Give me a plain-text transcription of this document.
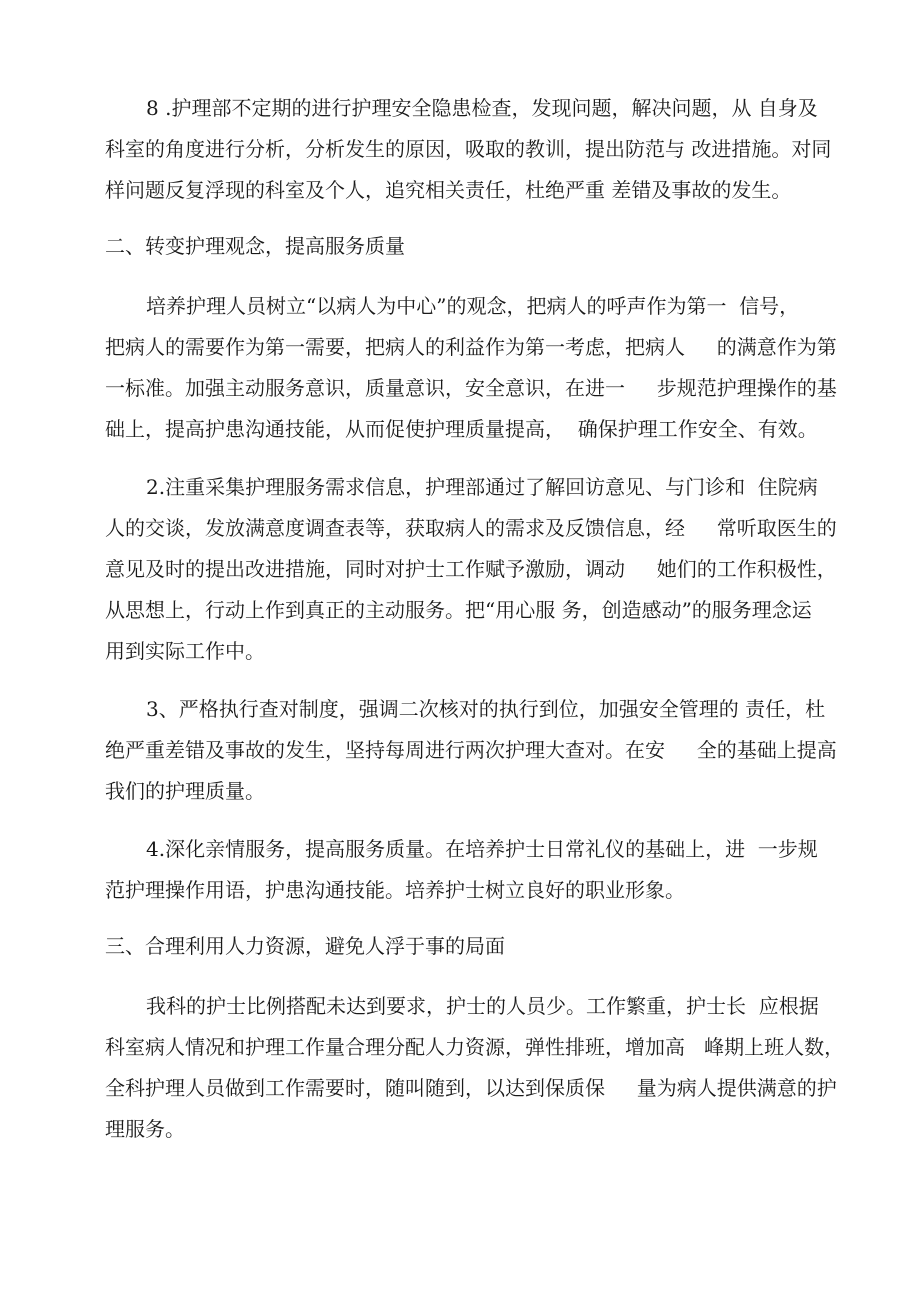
8 .护理部不定期的进行护理安全隐患检查，发现问题，解决问题，从 自身及

科室的角度进行分析，分析发生的原因，吸取的教训，提出防范与 改进措施。对同

样问题反复浮现的科室及个人，追究相关责任，杜绝严重 差错及事故的发生。

二、转变护理观念，提高服务质量

培养护理人员树立“以病人为中心”的观念，把病人的呼声作为第一  信号，

把病人的需要作为第一需要，把病人的利益作为第一考虑，把病人     的满意作为第

一标准。加强主动服务意识，质量意识，安全意识，在进一     步规范护理操作的基

础上，提高护患沟通技能，从而促使护理质量提高，  确保护理工作安全、有效。

2.注重采集护理服务需求信息，护理部通过了解回访意见、与门诊和  住院病

人的交谈，发放满意度调查表等，获取病人的需求及反馈信息，经     常听取医生的

意见及时的提出改进措施，同时对护士工作赋予激励，调动     她们的工作积极性，

从思想上，行动上作到真正的主动服务。把“用心服 务，创造感动”的服务理念运

用到实际工作中。

3、严格执行查对制度，强调二次核对的执行到位，加强安全管理的 责任，杜

绝严重差错及事故的发生，坚持每周进行两次护理大查对。在安     全的基础上提高

我们的护理质量。

4.深化亲情服务，提高服务质量。在培养护士日常礼仪的基础上，进  一步规

范护理操作用语，护患沟通技能。培养护士树立良好的职业形象。

三、合理利用人力资源，避免人浮于事的局面

我科的护士比例搭配未达到要求，护士的人员少。工作繁重，护士长  应根据

科室病人情况和护理工作量合理分配人力资源，弹性排班，增加高   峰期上班人数，

全科护理人员做到工作需要时，随叫随到，以达到保质保     量为病人提供满意的护

理服务。
